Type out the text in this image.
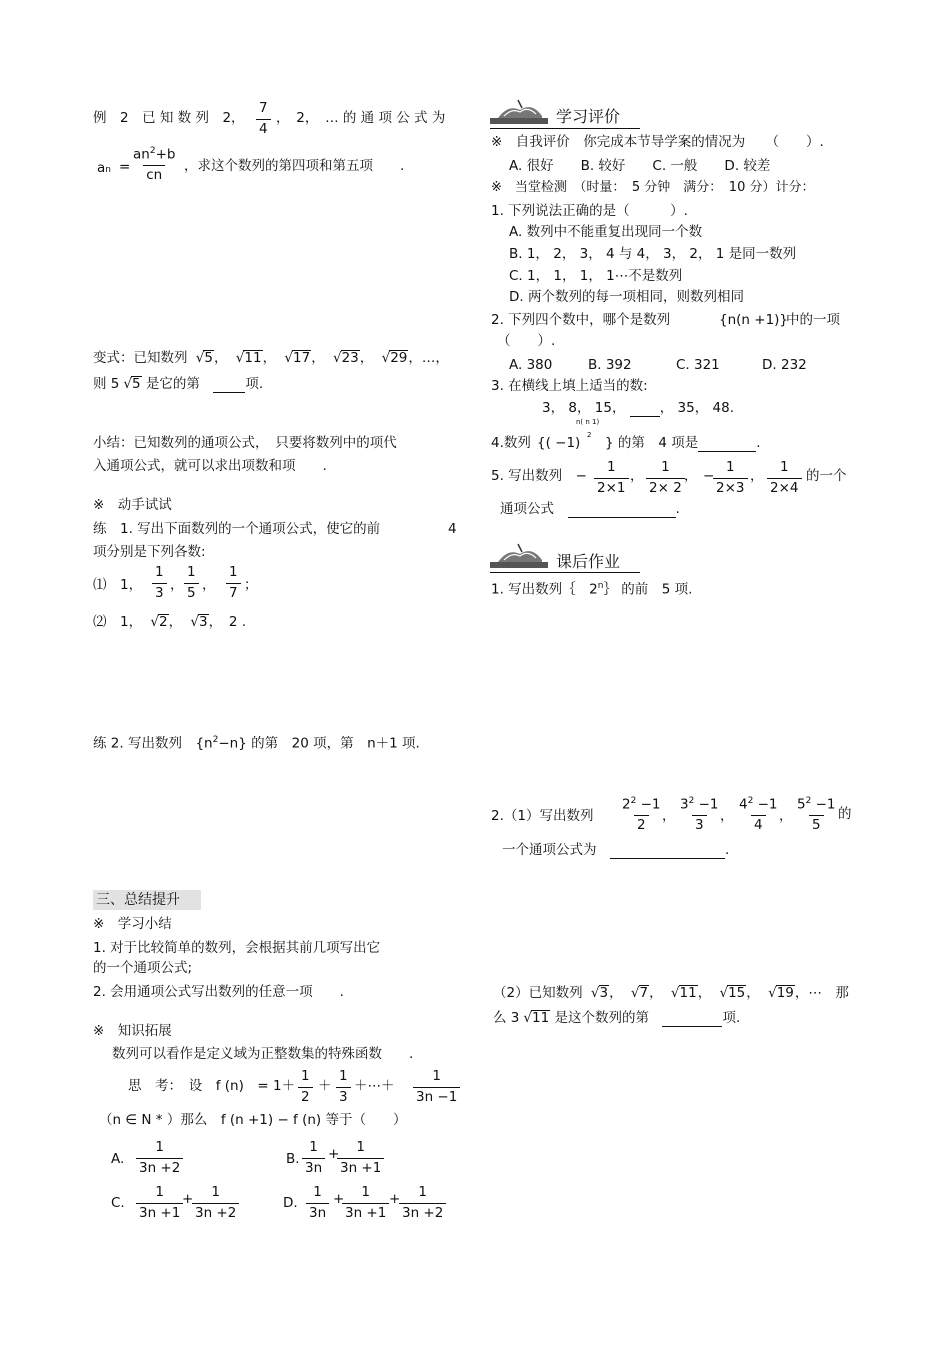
例　2　已 知 数 列　2， $\frac{7}{4}$ ，　2，　… 的 通 项 公 式 为
an = $\frac{an^2+b}{cn}$ ，求这个数列的第四项和第五项　　.
变式：已知数列 √5， √11， √17， √23， √29，…，
则 5 √5 是它的第　	项.
小结：已知数列的通项公式，　只要将数列中的项代
入通项公式，就可以求出项数和项　　.
※　动手试试
练　1. 写出下面数列的一个通项公式，使它的前	4
项分别是下列各数:
⑴　1， $\frac{1}{3}$ ， $\frac{1}{5}$ ， $\frac{1}{7}$ ；
⑵　1， √2， √3，　2 .
练 2. 写出数列　 $\{n^2-n\}$ 的第　20 项，第　n＋1 项.
三、总结提升
※　学习小结
1. 对于比较简单的数列，会根据其前几项写出它
的一个通项公式;
2. 会用通项公式写出数列的任意一项　　.
※　知识拓展
数列可以看作是定义域为正整数集的特殊函数　　.
思　考：　设　f (n)　= $1+ \frac{1}{2} + \frac{1}{3}$ ＋⋯＋ $\frac{1}{3n -1}$
（n ∈ N * ）那么　f (n +1) − f (n) 等于（　　）
A. $\frac{1}{3n +2}$	B. $\frac{1}{3n}$ +
$\frac{1}{3n +1}$
C. $\frac{1}{3n +1}$
+
$\frac{1}{3n +2}$	D. $\frac{1}{3n}$ +
$\frac{1}{3n +1}$ +
$\frac{1}{3n +2}$
学习评价
※　自我评价　你完成本节导学案的情况为　　（　　）.
A. 很好　　B. 较好　　C. 一般　　D. 较差
※　当堂检测　（时量：　5 分钟　满分：　10 分）计分：
1. 下列说法正确的是（　　　）.
A. 数列中不能重复出现同一个数
B. 1， 2， 3， 4 与 4， 3， 2， 1 是同一数列
C. 1， 1， 1， 1⋯不是数列
D. 两个数列的每一项相同，则数列相同
2. 下列四个数中，哪个是数列	{n(n +1)}
中的一项
（　　）.
A. 380	B. 392	C. 321	D. 232
3. 在横线上填上适当的数:
3， 8， 15，	， 35， 48.
4.数列 {( −1)
n( n 1)
2 } 的第　4 项是	.
5. 写出数列　− $\frac{1}{2\times 1}$ ， $\frac{1}{2\times 2}$ ， −
$\frac{1}{2\times 3}$ ， $\frac{1}{2\times 4}$ 的一个
通项公式　	.
课后作业
1. 写出数列｛　2$^n$｝ 的前　5 项.
2.（1）写出数列 $\frac{2^2 -1}{2}$
， $\frac{3^2 -1}{3}$
， $\frac{4^2 -1}{4}$
， $\frac{5^2 -1}{5}$ 的
一个通项公式为　	.
（2）已知数列 √3， √7， √11， √15， √19，⋯　那
么 3 √11 是这个数列的第　	项.
